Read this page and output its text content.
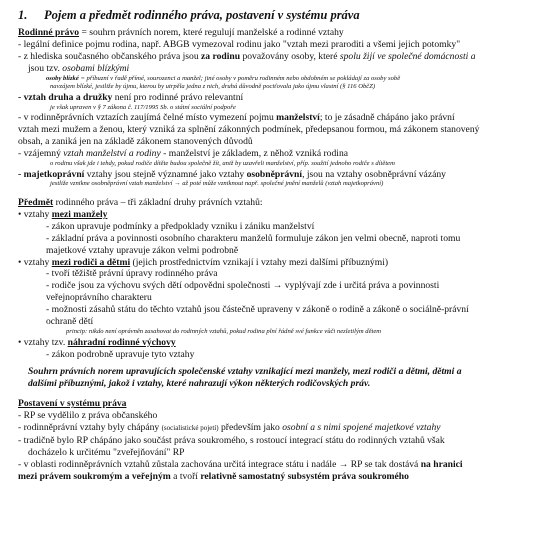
1. Pojem a předmět rodinného práva, postavení v systému práva
Rodinné právo = souhrn právních norem, které regulují manželské a rodinné vztahy
- legální definice pojmu rodina, např. ABGB vymezoval rodinu jako "vztah mezi praroditi a všemi jejich potomky"
- z hlediska současného občanského práva jsou za rodinu považovány osoby, které spolu žijí ve společné domácnosti a
jsou tzv. osobami blízkými
osoby blízké = příbuzní v řadě přímé, sourozenci a manžel; jiné osoby v poměru rodinném nebo obdobném se pokládají za osoby sobě
navzájem blízké, jestliže by újmu, kterou by utrpěla jedna z nich, druhá důvodně pociťovala jako újmu vlastní (§ 116 ObčZ)
- vztah druha a družky není pro rodinné právo relevantní
je však upraven v § 7 zákona č. 117/1995 Sb. o státní sociální podpoře
- v rodinněprávních vztazích zaujímá čelné místo vymezení pojmu manželství; to je zásadně chápáno jako právní
vztah mezi mužem a ženou, který vzniká za splnění zákonných podmínek, předepsanou formou, má zákonem stanovený
obsah, a zaniká jen na základě zákonem stanovených důvodů
- vzájemný vztah manželství a rodiny - manželství je základem, z něhož vzniká rodina
o rodinu však jde i tehdy, pokud rodiče dítěte budou společně žít, aniž by uzavřeli manželství, příp. soužití jednoho rodiče s dítětem
- majetkoprávní vztahy jsou stejně významné jako vztahy osobněprávní, jsou na vztahy osobněprávní vázány
jestliže vznikne osobněprávní vztah manželství → až poté může vzniknout např. společné jmění manželů (vztah majetkoprávní)
Předmět rodinného práva – tři základní druhy právních vztahů:
• vztahy mezi manžely
- zákon upravuje podmínky a předpoklady vzniku i zániku manželství
- základní práva a povinnosti osobního charakteru manželů formuluje zákon jen velmi obecně, naproti tomu
majetkové vztahy upravuje zákon velmi podrobně
• vztahy mezi rodiči a dětmi (jejich prostřednictvím vznikají i vztahy mezi dalšími příbuznými)
- tvoří těžiště právní úpravy rodinného práva
- rodiče jsou za výchovu svých dětí odpovědni společnosti → vyplývají zde i určitá práva a povinnosti
veřejnoprávního charakteru
- možnosti zásahů státu do těchto vztahů jsou částečně upraveny v zákoně o rodině a zákoně o sociálně-právní
ochraně dětí
princip: nikdo není oprávněn zasahovat do rodinných vztahů, pokud rodina plní řádně své funkce vůči nezletilým dětem
• vztahy tzv. náhradní rodinné výchovy
- zákon podrobně upravuje tyto vztahy
Souhrn právních norem upravujících společenské vztahy vznikající mezi manžely, mezi rodiči a dětmi, dětmi a
dalšími příbuznými, jakož i vztahy, které nahrazují výkon některých rodičovských práv.
Postavení v systému práva
- RP se vydělilo z práva občanského
- rodinněprávní vztahy byly chápány (socialistické pojetí) především jako osobní a s nimi spojené majetkové vztahy
- tradičně bylo RP chápáno jako součást práva soukromého, s rostoucí integrací státu do rodinných vztahů však
docházelo k určitému "zveřejňování" RP
- v oblasti rodinněprávních vztahů zůstala zachována určitá integrace státu i nadále → RP se tak dostává na hranici
mezi právem soukromým a veřejným a tvoří relativně samostatný subsystém práva soukromého
